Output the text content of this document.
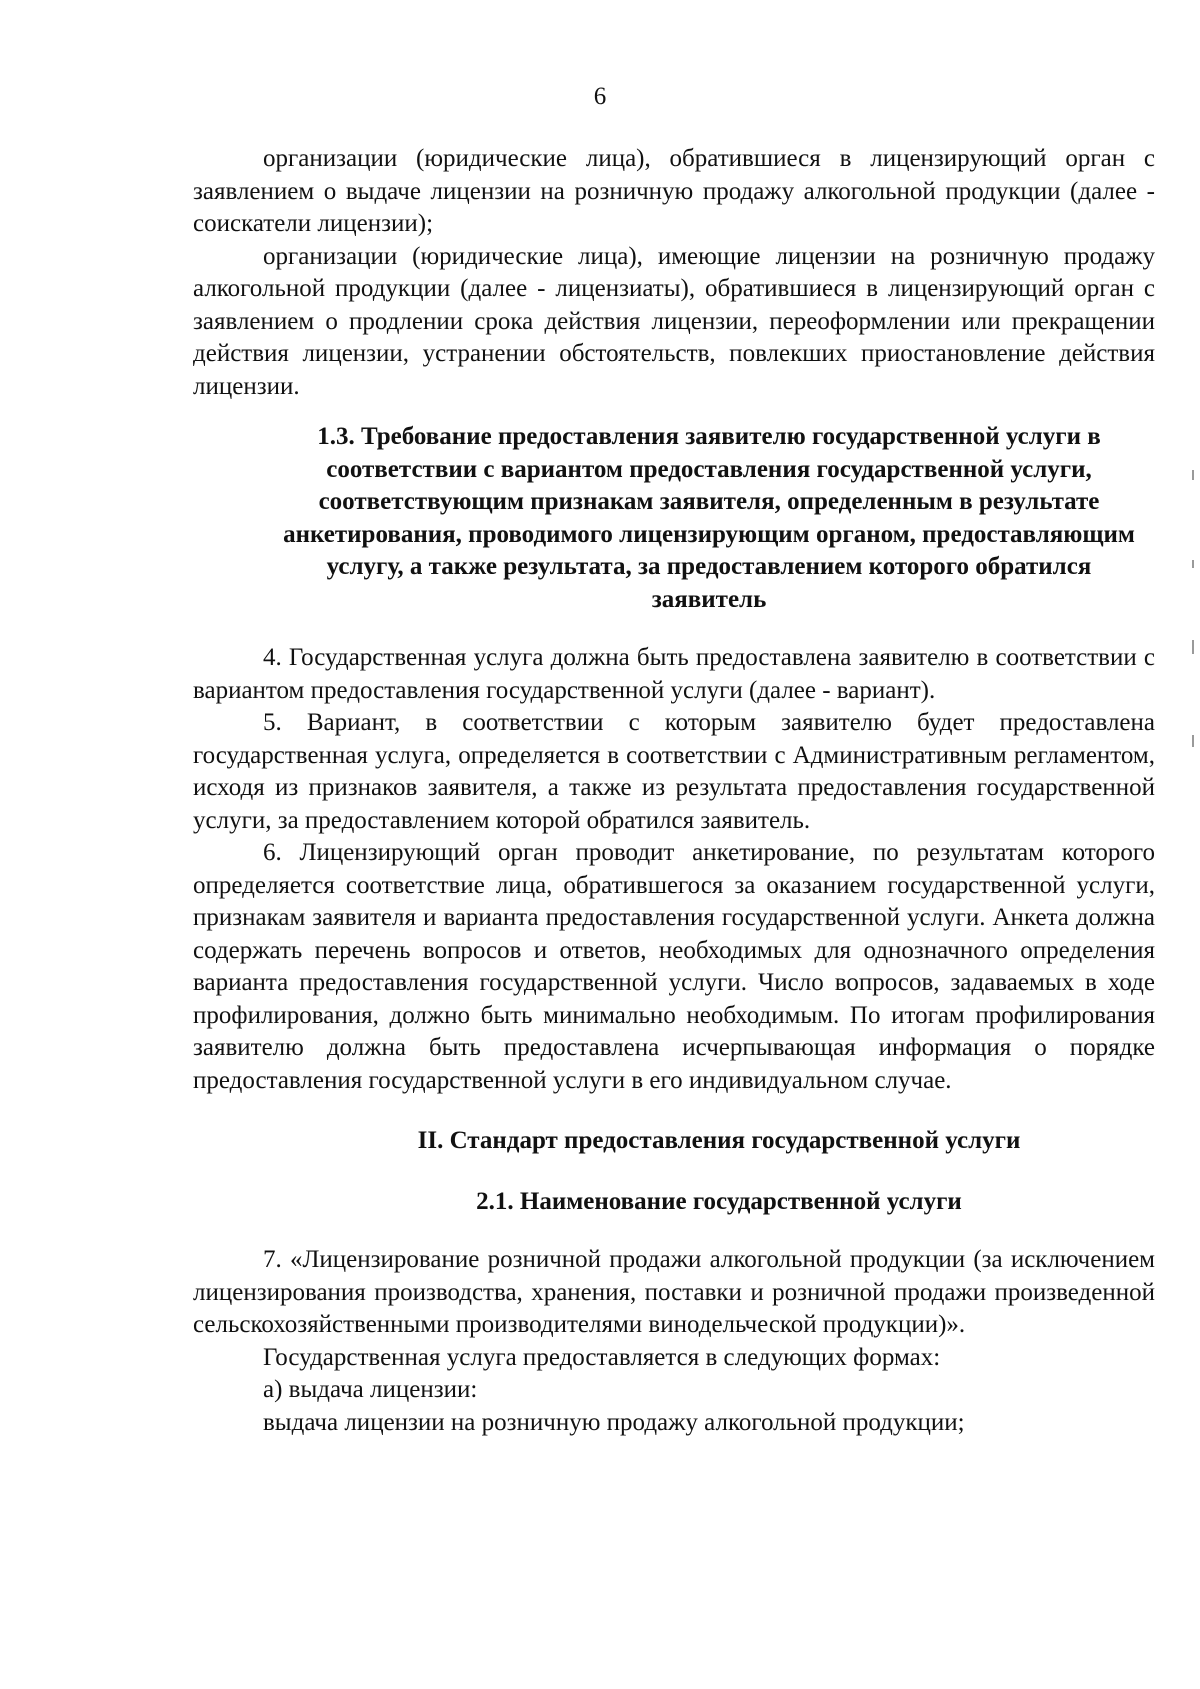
6

организации (юридические лица), обратившиеся в лицензирующий орган с заявлением о выдаче лицензии на розничную продажу алкогольной продукции (далее - соискатели лицензии);

организации (юридические лица), имеющие лицензии на розничную продажу алкогольной продукции (далее - лицензиаты), обратившиеся в лицензирующий орган с заявлением о продлении срока действия лицензии, переоформлении или прекращении действия лицензии, устранении обстоятельств, повлекших приостановление действия лицензии.

1.3. Требование предоставления заявителю государственной услуги в соответствии с вариантом предоставления государственной услуги, соответствующим признакам заявителя, определенным в результате анкетирования, проводимого лицензирующим органом, предоставляющим услугу, а также результата, за предоставлением которого обратился заявитель

4. Государственная услуга должна быть предоставлена заявителю в соответствии с вариантом предоставления государственной услуги (далее - вариант).

5. Вариант, в соответствии с которым заявителю будет предоставлена государственная услуга, определяется в соответствии с Административным регламентом, исходя из признаков заявителя, а также из результата предоставления государственной услуги, за предоставлением которой обратился заявитель.

6. Лицензирующий орган проводит анкетирование, по результатам которого определяется соответствие лица, обратившегося за оказанием государственной услуги, признакам заявителя и варианта предоставления государственной услуги. Анкета должна содержать перечень вопросов и ответов, необходимых для однозначного определения варианта предоставления государственной услуги. Число вопросов, задаваемых в ходе профилирования, должно быть минимально необходимым. По итогам профилирования заявителю должна быть предоставлена исчерпывающая информация о порядке предоставления государственной услуги в его индивидуальном случае.

II. Стандарт предоставления государственной услуги
2.1. Наименование государственной услуги

7. «Лицензирование розничной продажи алкогольной продукции (за исключением лицензирования производства, хранения, поставки и розничной продажи произведенной сельскохозяйственными производителями винодельческой продукции)».

Государственная услуга предоставляется в следующих формах:

а) выдача лицензии:

выдача лицензии на розничную продажу алкогольной продукции;
